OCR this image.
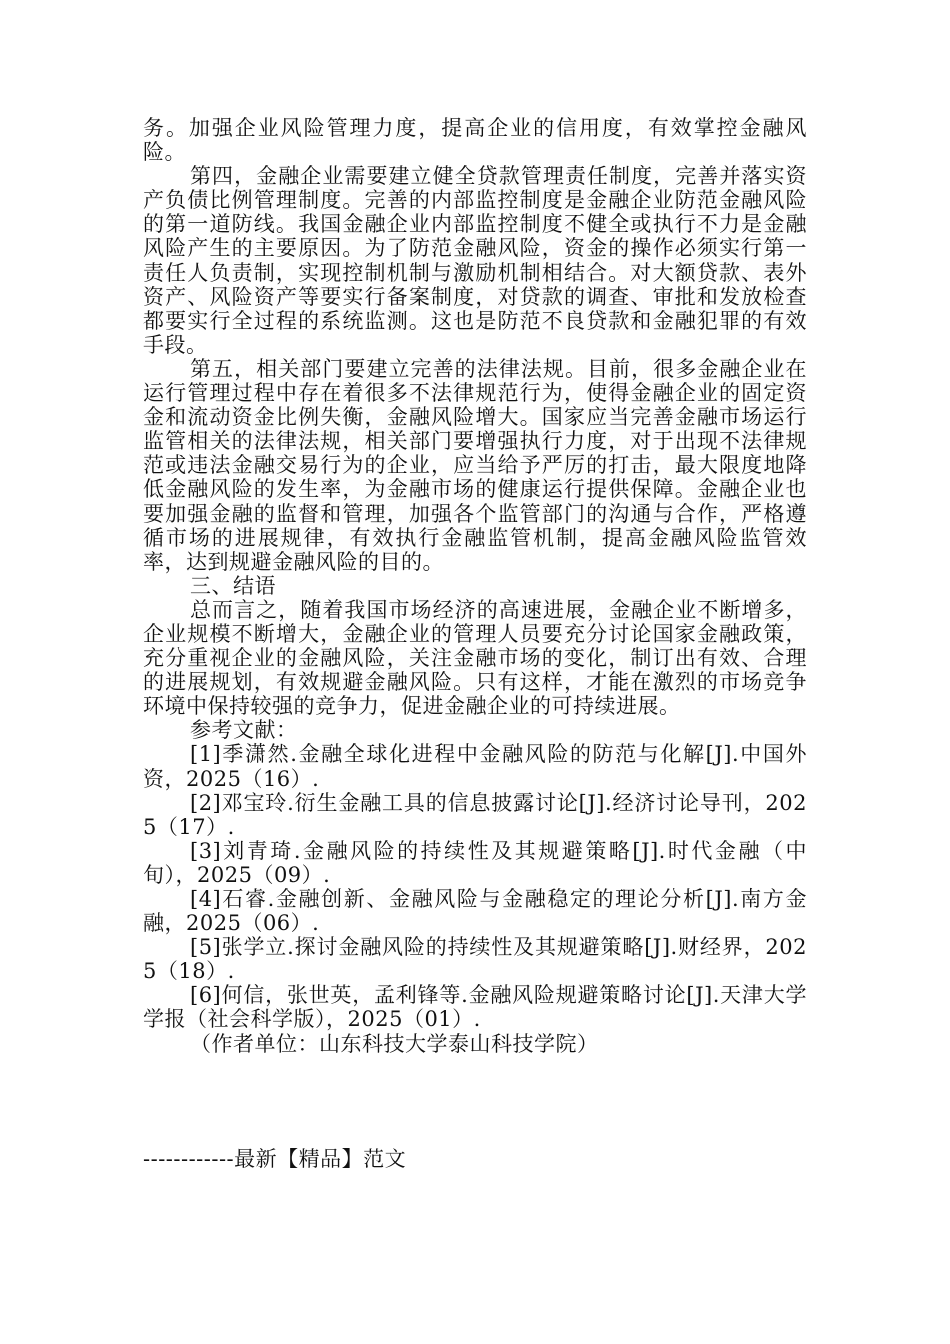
务。加强企业风险管理力度，提高企业的信用度，有效掌控金融风险。

第四，金融企业需要建立健全贷款管理责任制度，完善并落实资产负债比例管理制度。完善的内部监控制度是金融企业防范金融风险的第一道防线。我国金融企业内部监控制度不健全或执行不力是金融风险产生的主要原因。为了防范金融风险，资金的操作必须实行第一责任人负责制，实现控制机制与激励机制相结合。对大额贷款、表外资产、风险资产等要实行备案制度，对贷款的调查、审批和发放检查都要实行全过程的系统监测。这也是防范不良贷款和金融犯罪的有效手段。

第五，相关部门要建立完善的法律法规。目前，很多金融企业在运行管理过程中存在着很多不法律规范行为，使得金融企业的固定资金和流动资金比例失衡，金融风险增大。国家应当完善金融市场运行监管相关的法律法规，相关部门要增强执行力度，对于出现不法律规范或违法金融交易行为的企业，应当给予严厉的打击，最大限度地降低金融风险的发生率，为金融市场的健康运行提供保障。金融企业也要加强金融的监督和管理，加强各个监管部门的沟通与合作，严格遵循市场的进展规律，有效执行金融监管机制，提高金融风险监管效率，达到规避金融风险的目的。

三、结语

总而言之，随着我国市场经济的高速进展，金融企业不断增多，企业规模不断增大，金融企业的管理人员要充分讨论国家金融政策，充分重视企业的金融风险，关注金融市场的变化，制订出有效、合理的进展规划，有效规避金融风险。只有这样，才能在激烈的市场竞争环境中保持较强的竞争力，促进金融企业的可持续进展。

参考文献：

[1]季潇然.金融全球化进程中金融风险的防范与化解[J].中国外资，2025（16）.

[2]邓宝玲.衍生金融工具的信息披露讨论[J].经济讨论导刊，2025（17）.

[3]刘青琦.金融风险的持续性及其规避策略[J].时代金融（中旬），2025（09）.

[4]石睿.金融创新、金融风险与金融稳定的理论分析[J].南方金融，2025（06）.

[5]张学立.探讨金融风险的持续性及其规避策略[J].财经界，2025（18）.

[6]何信，张世英，孟利锋等.金融风险规避策略讨论[J].天津大学学报（社会科学版），2025（01）.

（作者单位：山东科技大学泰山科技学院）

------------最新【精品】范文
